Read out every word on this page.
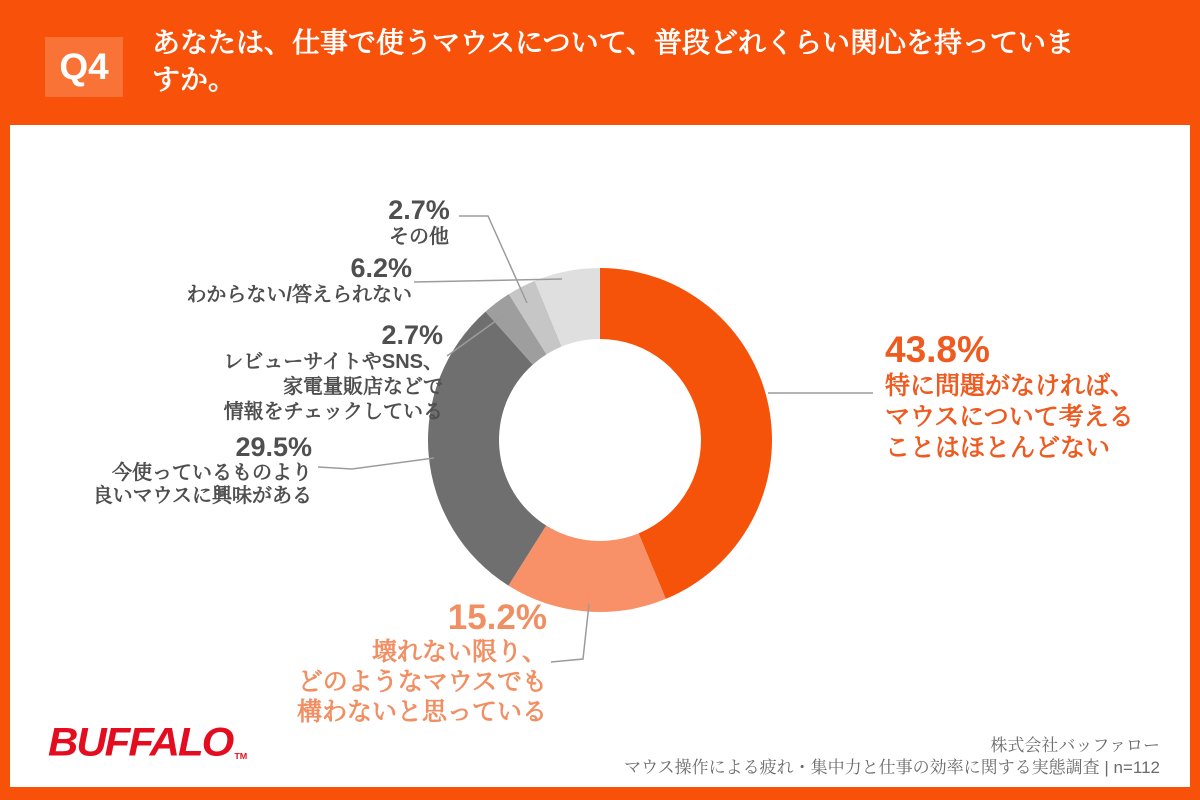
Q4
あなたは、仕事で使うマウスについて、普段どれくらい関心を持っていますか。
43.8%
特に問題がなければ、
マウスについて考える
ことはほとんどない
15.2%
壊れない限り、
どのようなマウスでも
構わないと思っている
29.5%
今使っているものより
良いマウスに興味がある
2.7%
レビューサイトやSNS、
家電量販店などで
情報をチェックしている
2.7%
その他
6.2%
わからない/答えられない
BUFFALO TM
株式会社バッファロー
マウス操作による疲れ・集中力と仕事の効率に関する実態調査 | n=112
